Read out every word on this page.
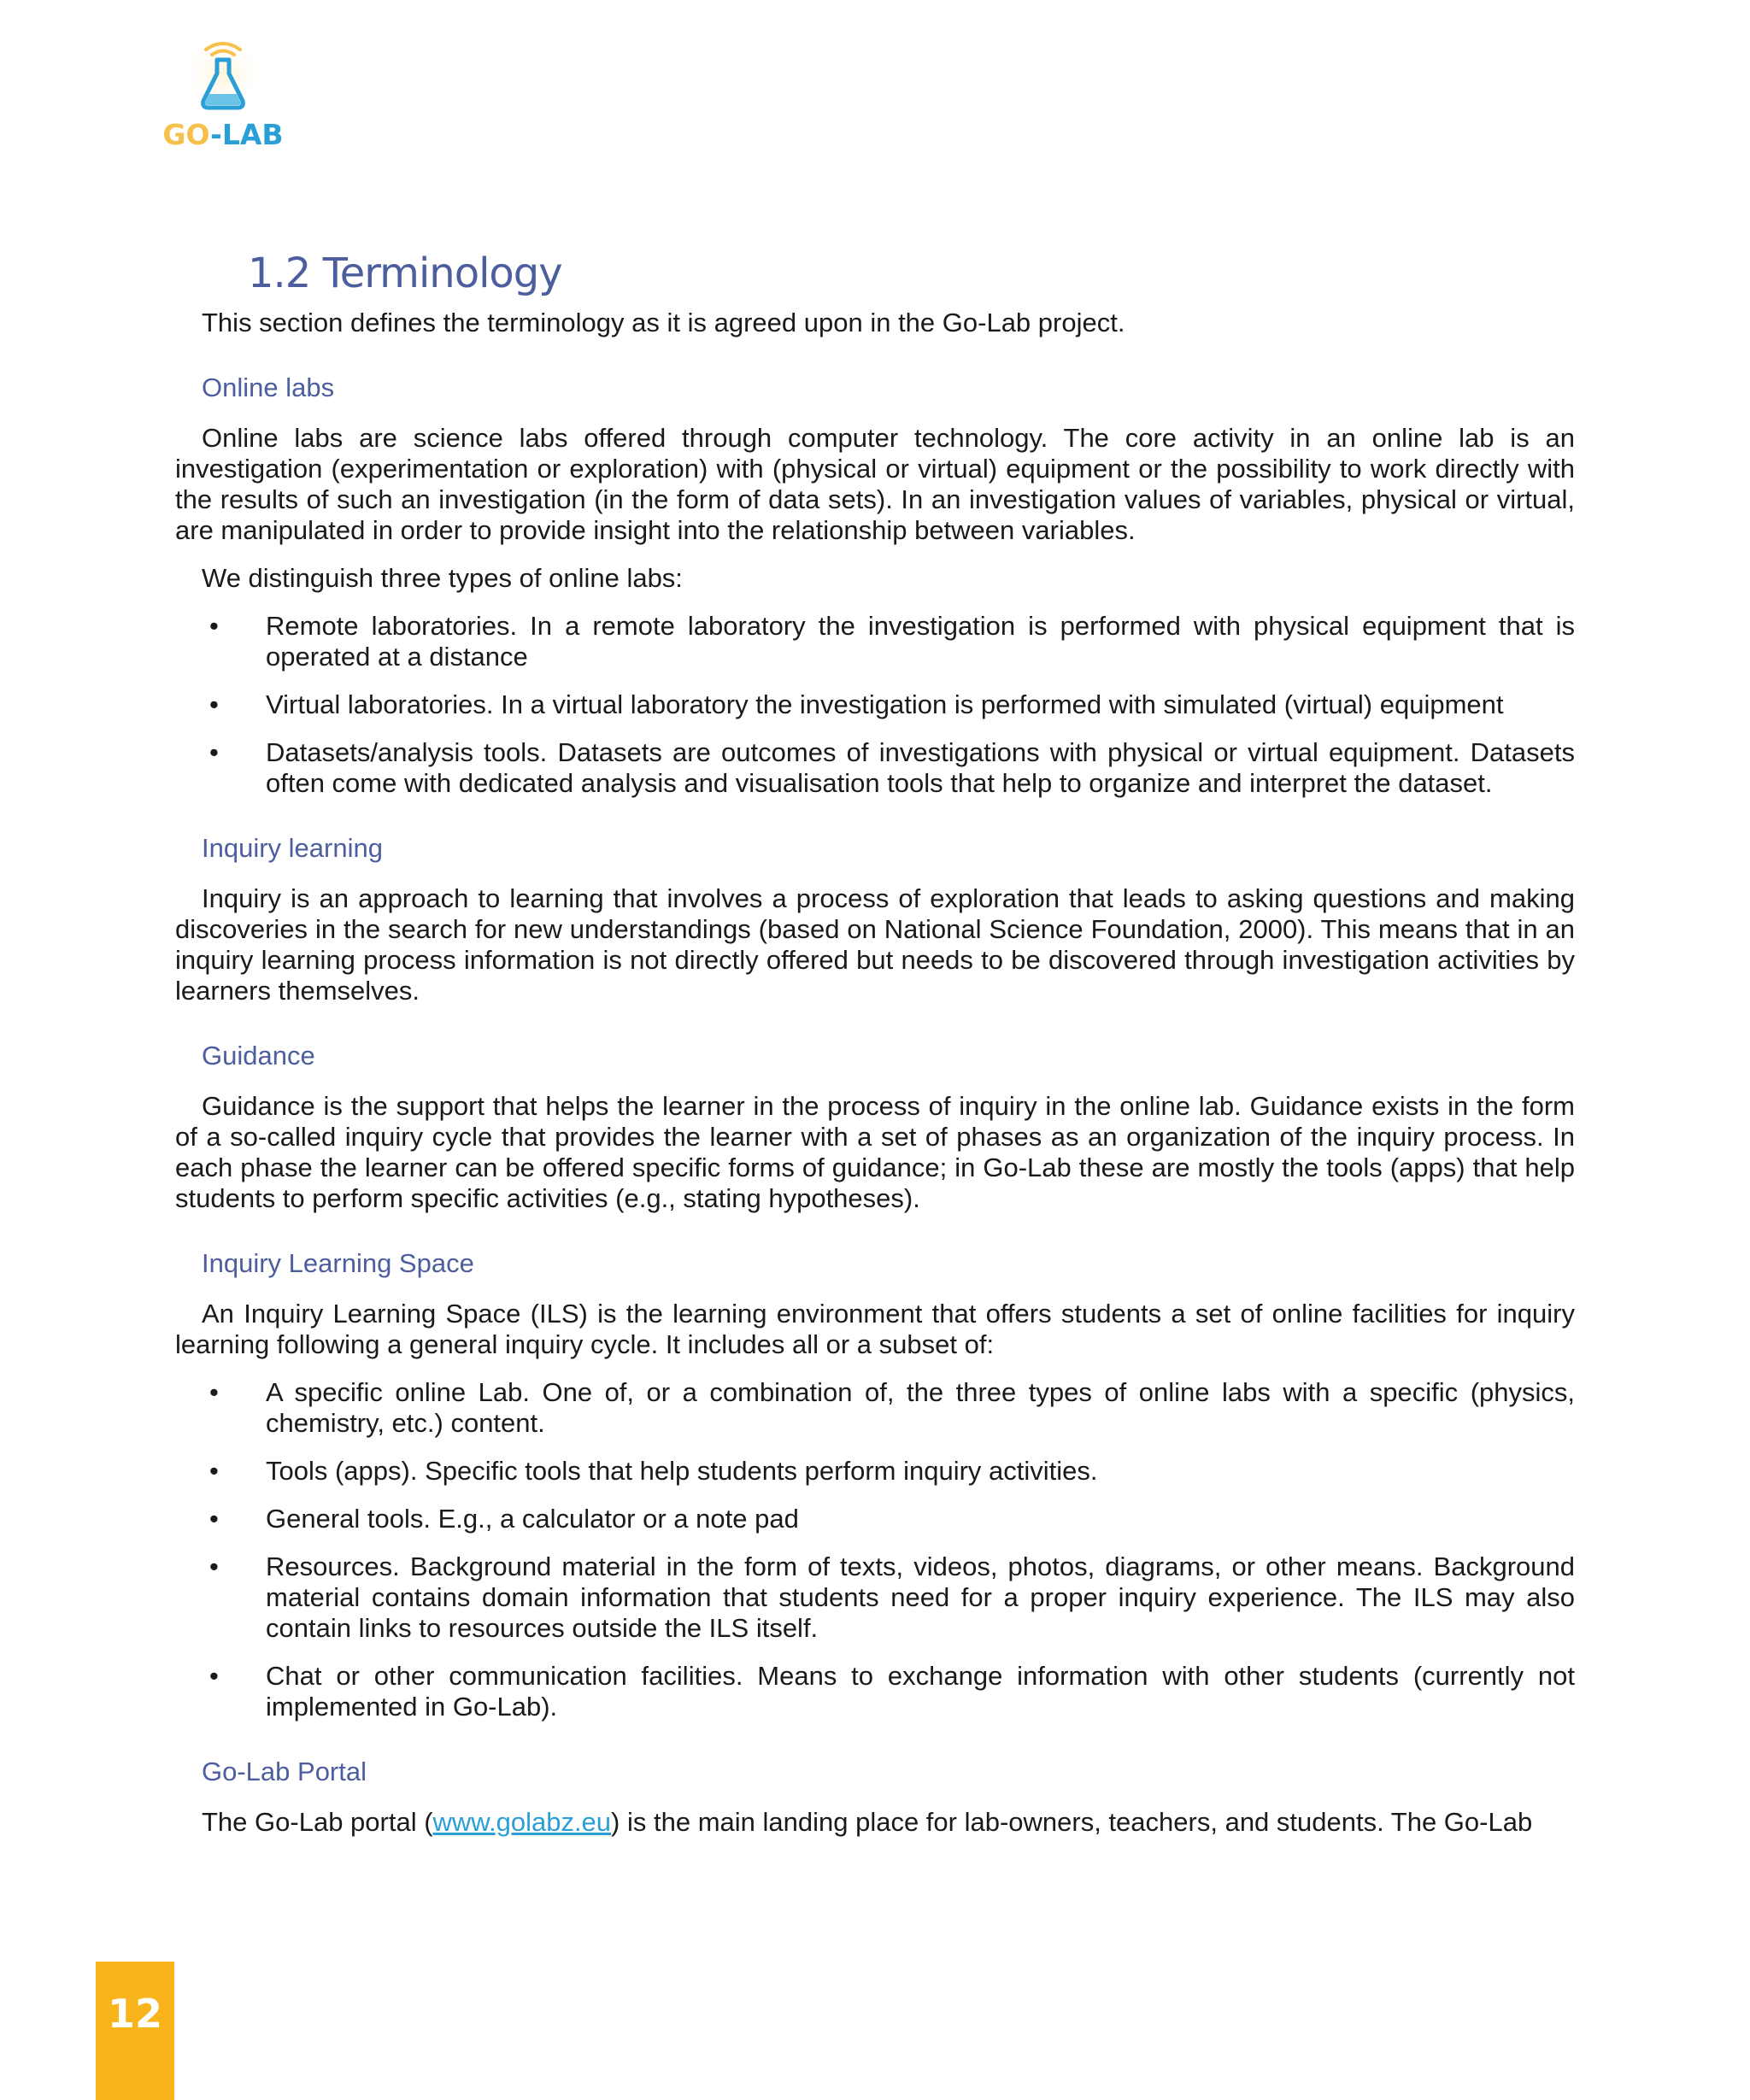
GO-LAB
1.2 Terminology

This section defines the terminology as it is agreed upon in the Go-Lab project.

Online labs

Online labs are science labs offered through computer technology. The core activity in an online lab is an investigation (experimentation or exploration) with (physical or virtual) equipment or the possibility to work directly with the results of such an investigation (in the form of data sets). In an investigation values of variables, physical or virtual, are manipulated in order to provide insight into the relationship between variables.

We distinguish three types of online labs:

• Remote laboratories. In a remote laboratory the investigation is performed with physical equipment that is operated at a distance
• Virtual laboratories. In a virtual laboratory the investigation is performed with simulated (virtual) equipment
• Datasets/analysis tools. Datasets are outcomes of investigations with physical or virtual equipment. Datasets often come with dedicated analysis and visualisation tools that help to organize and interpret the dataset.
Inquiry learning

Inquiry is an approach to learning that involves a process of exploration that leads to asking questions and making discoveries in the search for new understandings (based on National Science Foundation, 2000). This means that in an inquiry learning process information is not directly offered but needs to be discovered through investigation activities by learners themselves.

Guidance

Guidance is the support that helps the learner in the process of inquiry in the online lab. Guidance exists in the form of a so-called inquiry cycle that provides the learner with a set of phases as an organization of the inquiry process. In each phase the learner can be offered specific forms of guidance; in Go-Lab these are mostly the tools (apps) that help students to perform specific activities (e.g., stating hypotheses).

Inquiry Learning Space

An Inquiry Learning Space (ILS) is the learning environment that offers students a set of online facilities for inquiry learning following a general inquiry cycle. It includes all or a subset of:

• A specific online Lab. One of, or a combination of, the three types of online labs with a specific (physics, chemistry, etc.) content.
• Tools (apps). Specific tools that help students perform inquiry activities.
• General tools. E.g., a calculator or a note pad
• Resources. Background material in the form of texts, videos, photos, diagrams, or other means. Background material contains domain information that students need for a proper inquiry experience. The ILS may also contain links to resources outside the ILS itself.
• Chat or other communication facilities. Means to exchange information with other students (currently not implemented in Go-Lab).
Go-Lab Portal

The Go-Lab portal (www.golabz.eu) is the main landing place for lab-owners, teachers, and students. The Go-Lab

12
